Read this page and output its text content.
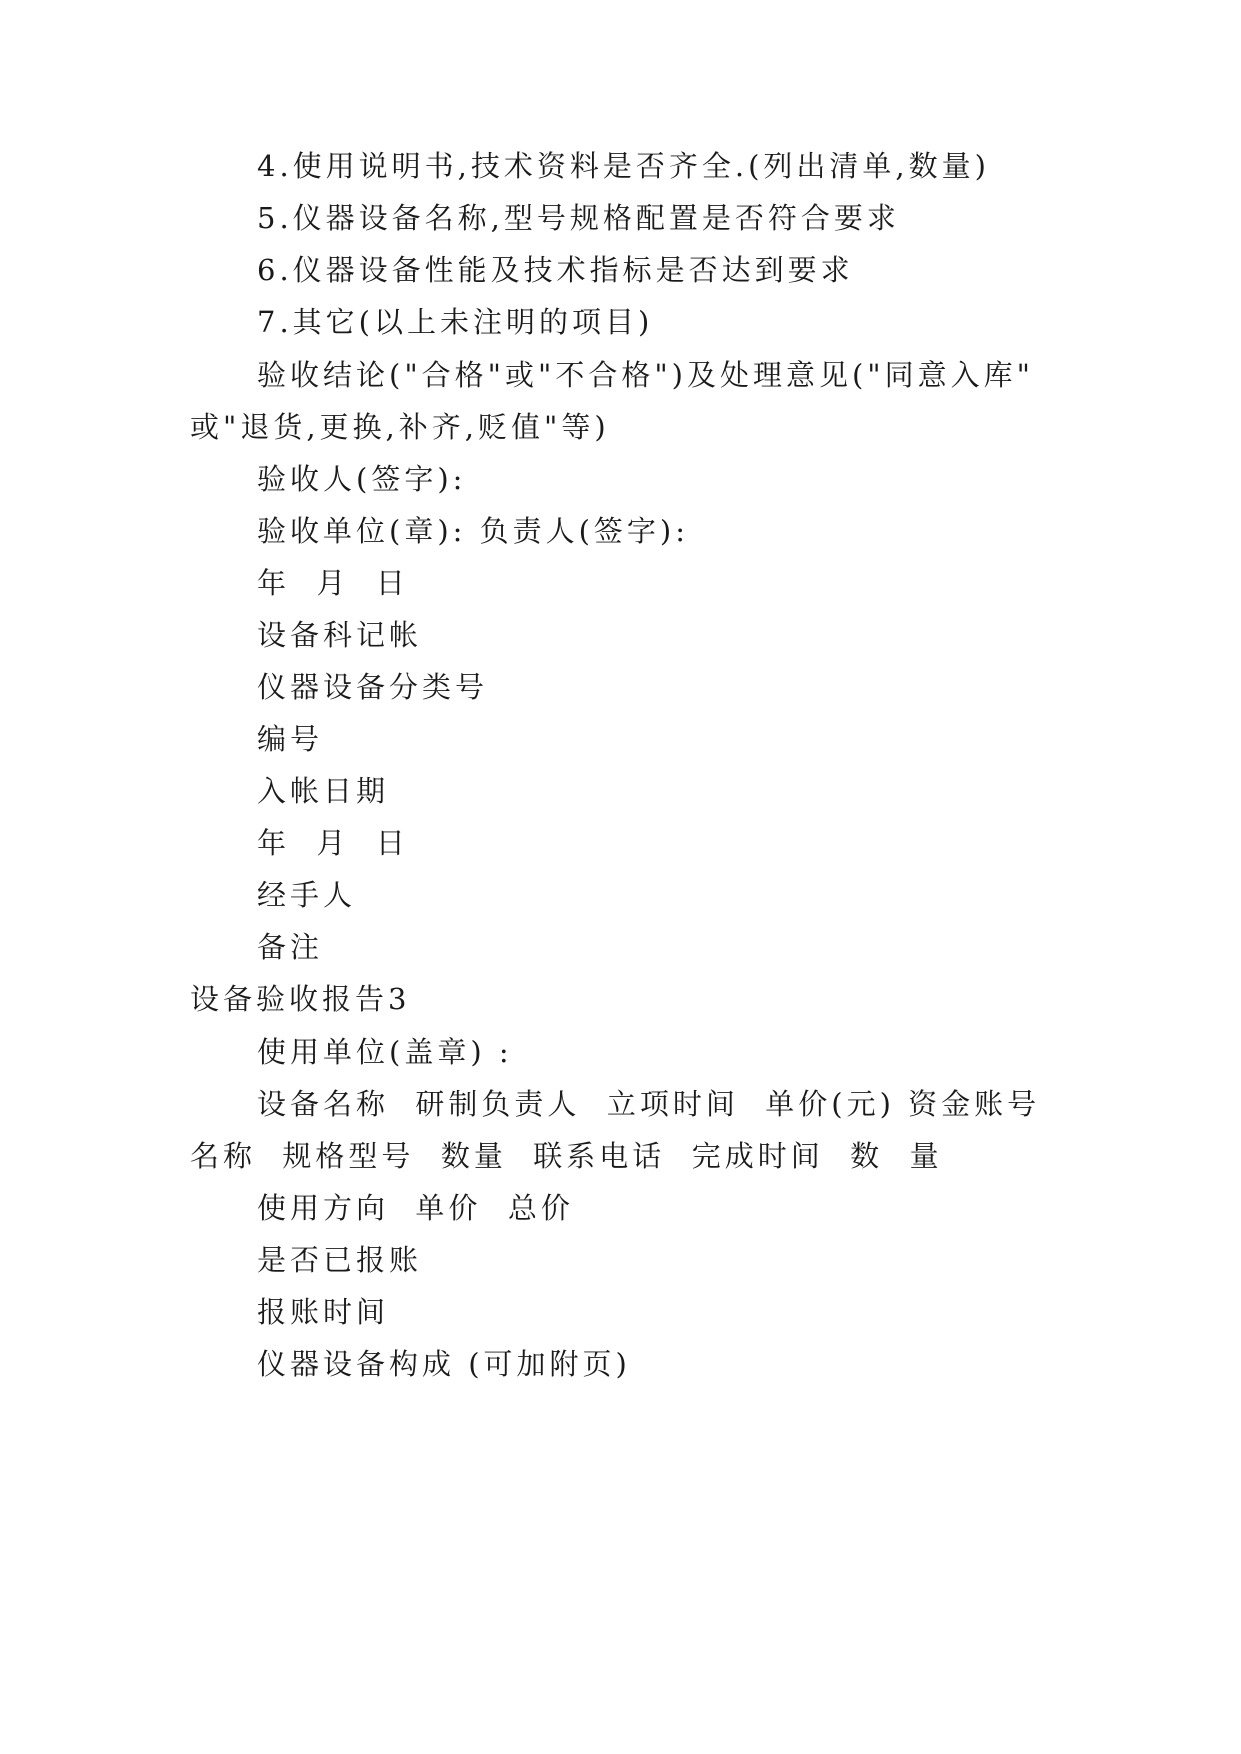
4.使用说明书,技术资料是否齐全.(列出清单,数量)
5.仪器设备名称,型号规格配置是否符合要求
6.仪器设备性能及技术指标是否达到要求
7.其它(以上未注明的项目)
验收结论("合格"或"不合格")及处理意见("同意入库"
或"退货,更换,补齐,贬值"等)
验收人(签字):
验收单位(章): 负责人(签字):
年  月  日
设备科记帐
仪器设备分类号
编号
入帐日期
年  月  日
经手人
备注
设备验收报告3
使用单位(盖章) :
设备名称  研制负责人  立项时间  单价(元) 资金账号
名称  规格型号  数量  联系电话  完成时间  数  量
使用方向  单价  总价
是否已报账
报账时间
仪器设备构成 (可加附页)
